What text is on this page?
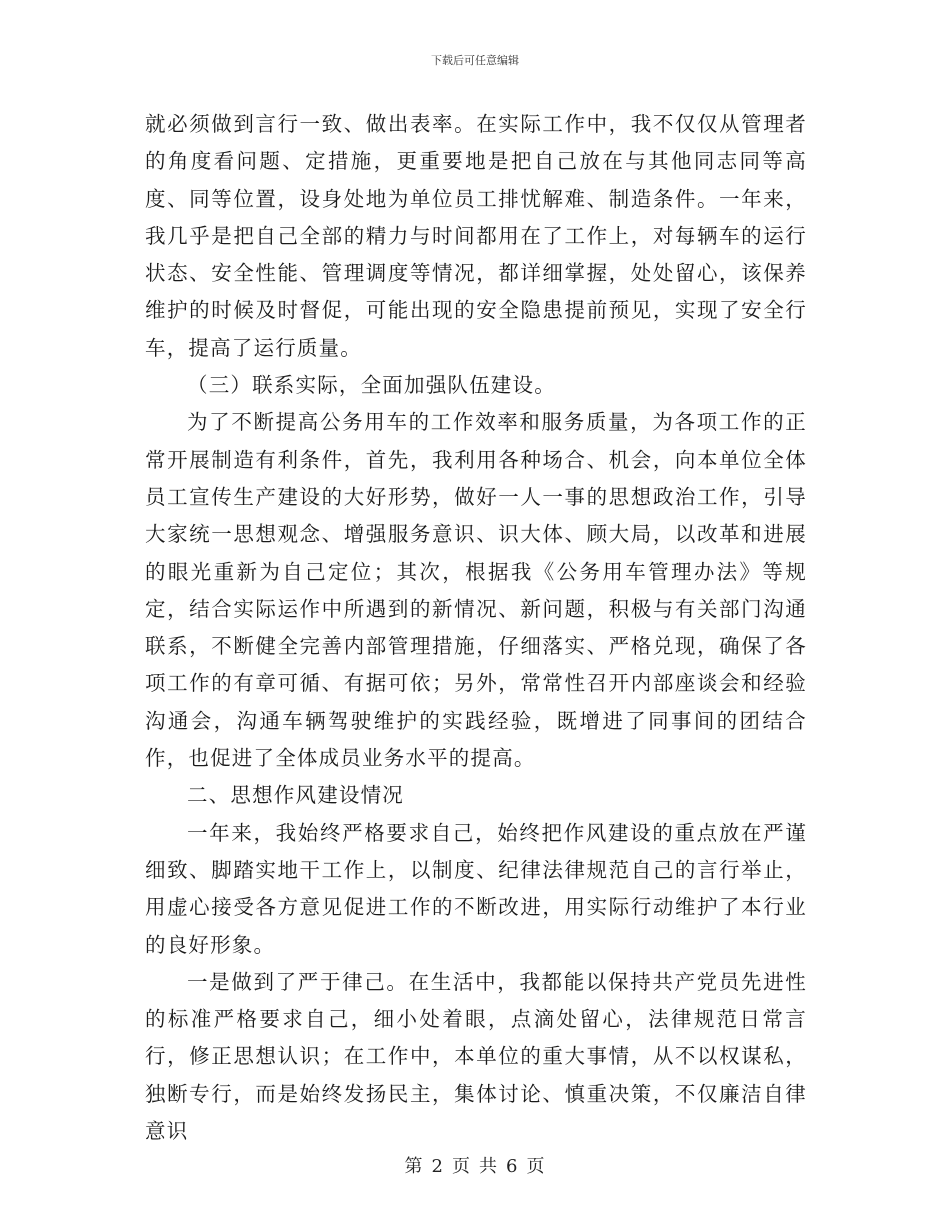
下载后可任意编辑

就必须做到言行一致、做出表率。在实际工作中，我不仅仅从管理者的角度看问题、定措施，更重要地是把自己放在与其他同志同等高度、同等位置，设身处地为单位员工排忧解难、制造条件。一年来，我几乎是把自己全部的精力与时间都用在了工作上，对每辆车的运行状态、安全性能、管理调度等情况，都详细掌握，处处留心，该保养维护的时候及时督促，可能出现的安全隐患提前预见，实现了安全行车，提高了运行质量。

（三）联系实际，全面加强队伍建设。

为了不断提高公务用车的工作效率和服务质量，为各项工作的正常开展制造有利条件，首先，我利用各种场合、机会，向本单位全体员工宣传生产建设的大好形势，做好一人一事的思想政治工作，引导大家统一思想观念、增强服务意识、识大体、顾大局，以改革和进展的眼光重新为自己定位；其次，根据我《公务用车管理办法》等规定，结合实际运作中所遇到的新情况、新问题，积极与有关部门沟通联系，不断健全完善内部管理措施，仔细落实、严格兑现，确保了各项工作的有章可循、有据可依；另外，常常性召开内部座谈会和经验沟通会，沟通车辆驾驶维护的实践经验，既增进了同事间的团结合作，也促进了全体成员业务水平的提高。

二、思想作风建设情况

一年来，我始终严格要求自己，始终把作风建设的重点放在严谨细致、脚踏实地干工作上，以制度、纪律法律规范自己的言行举止，用虚心接受各方意见促进工作的不断改进，用实际行动维护了本行业的良好形象。

一是做到了严于律己。在生活中，我都能以保持共产党员先进性的标准严格要求自己，细小处着眼，点滴处留心，法律规范日常言行，修正思想认识；在工作中，本单位的重大事情，从不以权谋私，独断专行，而是始终发扬民主，集体讨论、慎重决策，不仅廉洁自律意识

第 2 页 共 6 页
